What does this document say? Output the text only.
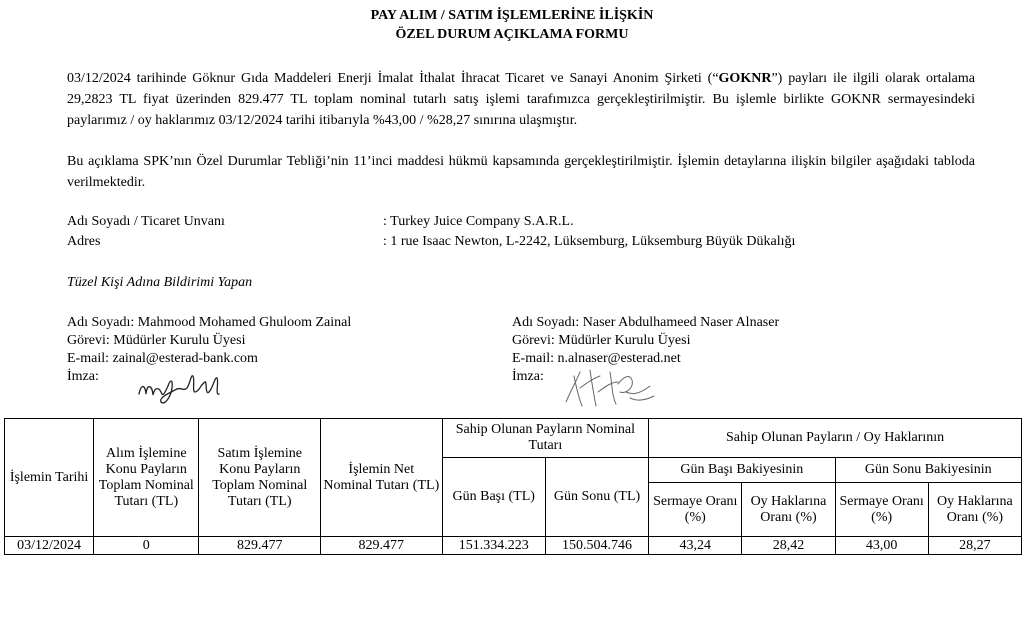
PAY ALIM / SATIM İŞLEMLERİNE İLİŞKİN
ÖZEL DURUM AÇIKLAMA FORMU
03/12/2024 tarihinde Göknur Gıda Maddeleri Enerji İmalat İthalat İhracat Ticaret ve Sanayi Anonim Şirketi (“GOKNR”) payları ile ilgili olarak ortalama 29,2823 TL fiyat üzerinden 829.477 TL toplam nominal tutarlı satış işlemi tarafımızca gerçekleştirilmiştir. Bu işlemle birlikte GOKNR sermayesindeki paylarımız / oy haklarımız 03/12/2024 tarihi itibarıyla %43,00 / %28,27 sınırına ulaşmıştır.
Bu açıklama SPK’nın Özel Durumlar Tebliği’nin 11’inci maddesi hükmü kapsamında gerçekleştirilmiştir. İşlemin detaylarına ilişkin bilgiler aşağıdaki tabloda verilmektedir.
Adı Soyadı / Ticaret Unvanı	: Turkey Juice Company S.A.R.L.
Adres	: 1 rue Isaac Newton, L-2242, Lüksemburg, Lüksemburg Büyük Dükalığı
Tüzel Kişi Adına Bildirimi Yapan
Adı Soyadı: Mahmood Mohamed Ghuloom Zainal
Görevi: Müdürler Kurulu Üyesi
E-mail: zainal@esterad-bank.com
İmza:
Adı Soyadı: Naser Abdulhameed Naser Alnaser
Görevi: Müdürler Kurulu Üyesi
E-mail: n.alnaser@esterad.net
İmza:
İşlemin Tarihi	Alım İşlemine Konu Payların Toplam Nominal Tutarı (TL)	Satım İşlemine Konu Payların Toplam Nominal Tutarı (TL)	İşlemin Net Nominal Tutarı (TL)	Sahip Olunan Payların Nominal Tutarı		Sahip Olunan Payların / Oy Haklarının			
				Gün Başı (TL)	Gün Sonu (TL)	Gün Başı Bakiyesinin		Gün Sonu Bakiyesinin	
						Sermaye Oranı (%)	Oy Haklarına Oranı (%)	Sermaye Oranı (%)	Oy Haklarına Oranı (%)
03/12/2024	0	829.477	829.477	151.334.223	150.504.746	43,24	28,42	43,00	28,27
